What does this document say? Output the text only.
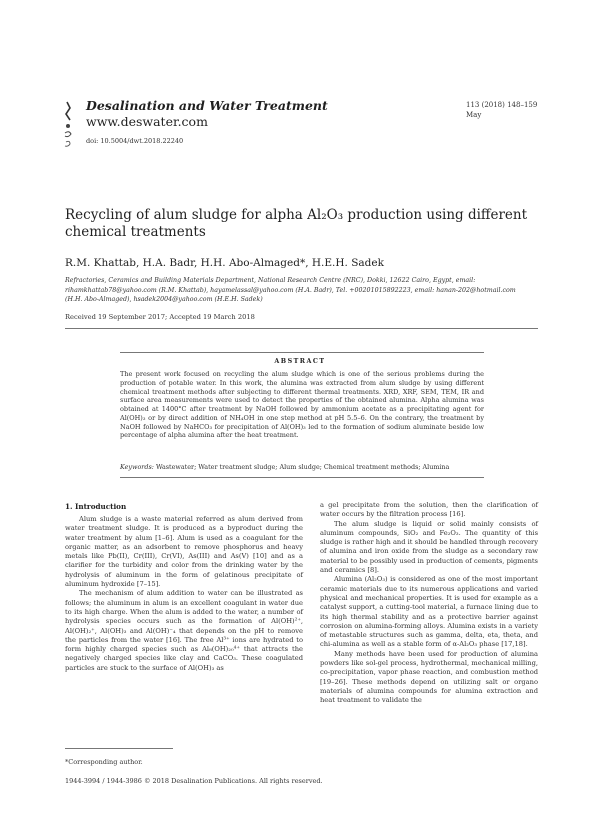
Desalination and Water Treatment
www.deswater.com
doi: 10.5004/dwt.2018.22240
113 (2018) 148–159
May
Recycling of alum sludge for alpha Al₂O₃ production using different chemical treatments
R.M. Khattab, H.A. Badr, H.H. Abo-Almaged*, H.E.H. Sadek
Refractories, Ceramics and Building Materials Department, National Research Centre (NRC), Dokki, 12622 Cairo, Egypt, email: rihamkhattab78@yahoo.com (R.M. Khattab), hayamelassal@yahoo.com (H.A. Badr), Tel. +00201015892223, email: hanan-202@hotmail.com (H.H. Abo-Almaged), hsadek2004@yahoo.com (H.E.H. Sadek)
Received 19 September 2017; Accepted 19 March 2018
ABSTRACT
The present work focused on recycling the alum sludge which is one of the serious problems during the production of potable water. In this work, the alumina was extracted from alum sludge by using different chemical treatment methods after subjecting to different thermal treatments. XRD, XRF, SEM, TEM, IR and surface area measurements were used to detect the properties of the obtained alumina. Alpha alumina was obtained at 1400°C after treatment by NaOH followed by ammonium acetate as a precipitating agent for Al(OH)₃ or by direct addition of NH₄OH in one step method at pH 5.5–6. On the contrary, the treatment by NaOH followed by NaHCO₃ for precipitation of Al(OH)₃ led to the formation of sodium aluminate beside low percentage of alpha alumina after the heat treatment.
Keywords: Wastewater; Water treatment sludge; Alum sludge; Chemical treatment methods; Alumina
1. Introduction

Alum sludge is a waste material referred as alum derived from water treatment sludge. It is produced as a byproduct during the water treatment by alum [1–6]. Alum is used as a coagulant for the organic matter, as an adsorbent to remove phosphorus and heavy metals like Pb(II), Cr(III), Cr(VI), As(III) and As(V) [10] and as a clarifier for the turbidity and color from the drinking water by the hydrolysis of aluminum in the form of gelatinous precipitate of aluminum hydroxide [7–15].

The mechanism of alum addition to water can be illustrated as follows; the aluminum in alum is an excellent coagulant in water due to its high charge. When the alum is added to the water, a number of hydrolysis species occurs such as the formation of Al(OH)²⁺, Al(OH)₂⁺, Al(OH)₃ and Al(OH)⁻₄ that depends on the pH to remove the particles from the water [16]. The free Al³⁺ ions are hydrated to form highly charged species such as Al₈(OH)₂₀⁴⁺ that attracts the negatively charged species like clay and CaCO₃. These coagulated particles are stuck to the surface of Al(OH)₃ as

a gel precipitate from the solution, then the clarification of water occurs by the filtration process [16].

The alum sludge is liquid or solid mainly consists of aluminum compounds, SiO₂ and Fe₂O₃. The quantity of this sludge is rather high and it should be handled through recovery of alumina and iron oxide from the sludge as a secondary raw material to be possibly used in production of cements, pigments and ceramics [8].

Alumina (Al₂O₃) is considered as one of the most important ceramic materials due to its numerous applications and varied physical and mechanical properties. It is used for example as a catalyst support, a cutting-tool material, a furnace lining due to its high thermal stability and as a protective barrier against corrosion on alumina-forming alloys. Alumina exists in a variety of metastable structures such as gamma, delta, eta, theta, and chi-alumina as well as a stable form of α-Al₂O₃ phase [17,18].

Many methods have been used for production of alumina powders like sol-gel process, hydrothermal, mechanical milling, co-precipitation, vapor phase reaction, and combustion method [19–26]. These methods depend on utilizing salt or organo materials of alumina compounds for alumina extraction and heat treatment to validate the

*Corresponding author.
1944-3994 / 1944-3986 © 2018 Desalination Publications. All rights reserved.
